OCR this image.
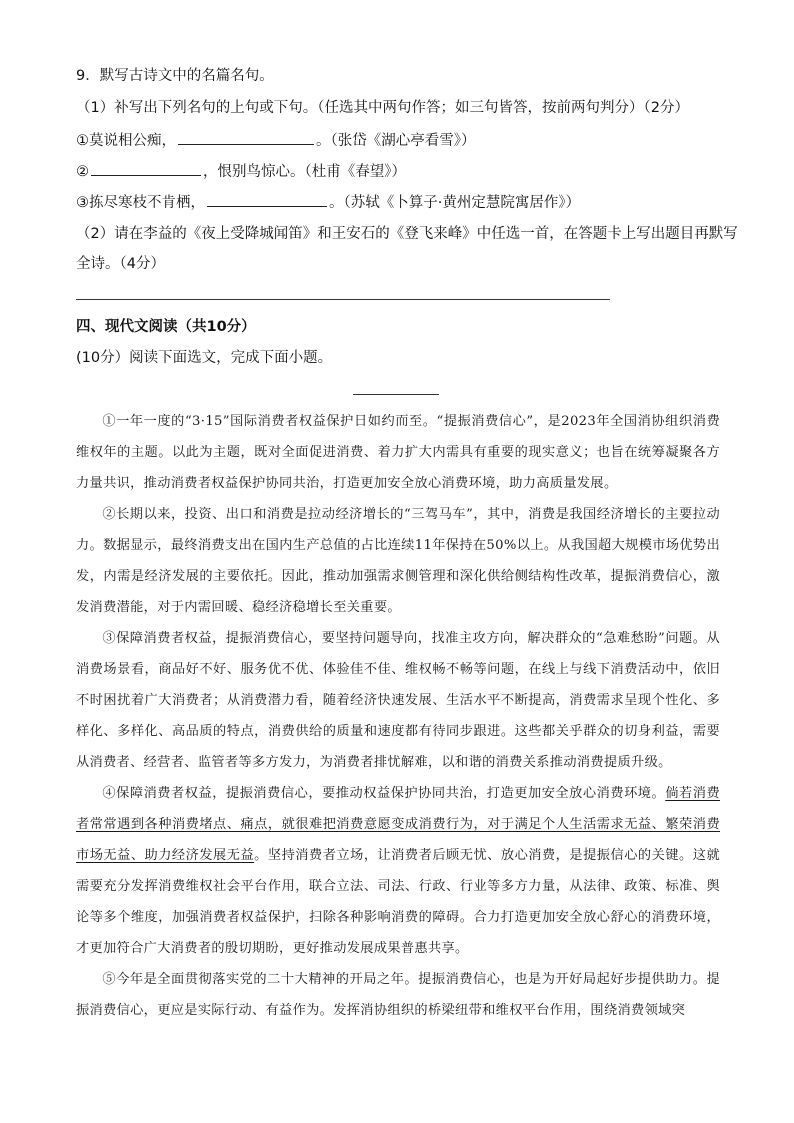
9．默写古诗文中的名篇名句。
（1）补写出下列名句的上句或下句。（任选其中两句作答；如三句皆答，按前两句判分）（2分）
①莫说相公痴，	。（张岱《湖心亭看雪》）
②	，恨别鸟惊心。（杜甫《春望》）
③拣尽寒枝不肯栖，	。（苏轼《卜算子·黄州定慧院寓居作》）
（2）请在李益的《夜上受降城闻笛》和王安石的《登飞来峰》中任选一首，在答题卡上写出题目再默写
全诗。（4分）
四、现代文阅读（共10分）
(10分）阅读下面选文，完成下面小题。

①一年一度的“3·15”国际消费者权益保护日如约而至。“提振消费信心”，是2023年全国消协组织消费维权年的主题。以此为主题，既对全面促进消费、着力扩大内需具有重要的现实意义；也旨在统筹凝聚各方力量共识，推动消费者权益保护协同共治，打造更加安全放心消费环境，助力高质量发展。

②长期以来，投资、出口和消费是拉动经济增长的“三驾马车”，其中，消费是我国经济增长的主要拉动力。数据显示，最终消费支出在国内生产总值的占比连续11年保持在50%以上。从我国超大规模市场优势出发，内需是经济发展的主要依托。因此，推动加强需求侧管理和深化供给侧结构性改革，提振消费信心，激发消费潜能，对于内需回暖、稳经济稳增长至关重要。

③保障消费者权益，提振消费信心，要坚持问题导向，找准主攻方向，解决群众的“急难愁盼”问题。从消费场景看，商品好不好、服务优不优、体验佳不佳、维权畅不畅等问题，在线上与线下消费活动中，依旧不时困扰着广大消费者；从消费潜力看，随着经济快速发展、生活水平不断提高，消费需求呈现个性化、多样化、多样化、高品质的特点，消费供给的质量和速度都有待同步跟进。这些都关乎群众的切身利益，需要从消费者、经营者、监管者等多方发力，为消费者排忧解难，以和谐的消费关系推动消费提质升级。

④保障消费者权益，提振消费信心，要推动权益保护协同共治，打造更加安全放心消费环境。倘若消费者常常遇到各种消费堵点、痛点，就很难把消费意愿变成消费行为，对于满足个人生活需求无益、繁荣消费市场无益、助力经济发展无益。坚持消费者立场，让消费者后顾无忧、放心消费，是提振信心的关键。这就需要充分发挥消费维权社会平台作用，联合立法、司法、行政、行业等多方力量，从法律、政策、标准、舆论等多个维度，加强消费者权益保护，扫除各种影响消费的障碍。合力打造更加安全放心舒心的消费环境，才更加符合广大消费者的殷切期盼，更好推动发展成果普惠共享。

⑤今年是全面贯彻落实党的二十大精神的开局之年。提振消费信心，也是为开好局起好步提供助力。提振消费信心，更应是实际行动、有益作为。发挥消协组织的桥梁纽带和维权平台作用，围绕消费领域突
